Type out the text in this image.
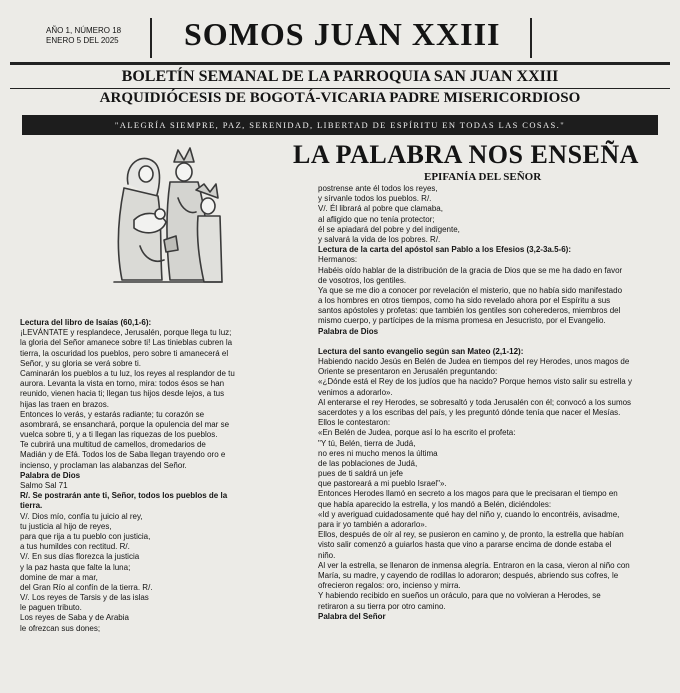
AÑO 1, NÚMERO 18
ENERO 5 DEL 2025 SOMOS JUAN XXIII
BOLETÍN SEMANAL DE LA PARROQUIA SAN JUAN XXIII
ARQUIDIÓCESIS DE BOGOTÁ-VICARIA PADRE MISERICORDIOSO
"ALEGRÍA SIEMPRE, PAZ, SERENIDAD, LIBERTAD DE ESPÍRITU EN TODAS LAS COSAS."
LA PALABRA NOS ENSEÑA
EPIFANÍA DEL SEÑOR
Lectura del libro de Isaías (60,1-6):
¡LEVÁNTATE y resplandece, Jerusalén, porque llega tu luz;
la gloria del Señor amanece sobre ti! Las tinieblas cubren la
tierra, la oscuridad los pueblos, pero sobre ti amanecerá el
Señor, y su gloria se verá sobre ti.
Caminarán los pueblos a tu luz, los reyes al resplandor de tu
aurora. Levanta la vista en torno, mira: todos ésos se han
reunido, vienen hacia ti; llegan tus hijos desde lejos, a tus
hijas las traen en brazos.
Entonces lo verás, y estarás radiante; tu corazón se
asombrará, se ensanchará, porque la opulencia del mar se
vuelca sobre ti, y a ti llegan las riquezas de los pueblos.
Te cubrirá una multitud de camellos, dromedarios de
Madián y de Efá. Todos los de Saba llegan trayendo oro e
incienso, y proclaman las alabanzas del Señor.
Palabra de Dios
Salmo Sal 71
R/. Se postrarán ante ti, Señor, todos los pueblos de la
tierra.
V/. Dios mío, confía tu juicio al rey,
tu justicia al hijo de reyes,
para que rija a tu pueblo con justicia,
a tus humildes con rectitud. R/.
V/. En sus días florezca la justicia
y la paz hasta que falte la luna;
domine de mar a mar,
del Gran Río al confín de la tierra. R/.
V/. Los reyes de Tarsis y de las islas
le paguen tributo.
Los reyes de Saba y de Arabia
le ofrezcan sus dones;
postrense ante él todos los reyes,
y sírvanle todos los pueblos. R/.
V/. Él librará al pobre que clamaba,
al afligido que no tenía protector;
él se apiadará del pobre y del indigente,
y salvará la vida de los pobres. R/.
Lectura de la carta del apóstol san Pablo a los Efesios (3,2-3a.5-6):
Hermanos:
Habéis oído hablar de la distribución de la gracia de Dios que se me ha dado en favor
de vosotros, los gentiles.
Ya que se me dio a conocer por revelación el misterio, que no había sido manifestado
a los hombres en otros tiempos, como ha sido revelado ahora por el Espíritu a sus
santos apóstoles y profetas: que también los gentiles son coherederos, miembros del
mismo cuerpo, y partícipes de la misma promesa en Jesucristo, por el Evangelio.
Palabra de Dios
Lectura del santo evangelio según san Mateo (2,1-12):
Habiendo nacido Jesús en Belén de Judea en tiempos del rey Herodes, unos magos de
Oriente se presentaron en Jerusalén preguntando:
«¿Dónde está el Rey de los judíos que ha nacido? Porque hemos visto salir su estrella y
venimos a adorarlo».
Al enterarse el rey Herodes, se sobresaltó y toda Jerusalén con él; convocó a los sumos
sacerdotes y a los escribas del país, y les preguntó dónde tenía que nacer el Mesías.
Ellos le contestaron:
«En Belén de Judea, porque así lo ha escrito el profeta:
"Y tú, Belén, tierra de Judá,
no eres ni mucho menos la última
de las poblaciones de Judá,
pues de ti saldrá un jefe
que pastoreará a mi pueblo Israel"».
Entonces Herodes llamó en secreto a los magos para que le precisaran el tiempo en
que había aparecido la estrella, y los mandó a Belén, diciéndoles:
«Id y averiguad cuidadosamente qué hay del niño y, cuando lo encontréis, avisadme,
para ir yo también a adorarlo».
Ellos, después de oír al rey, se pusieron en camino y, de pronto, la estrella que habían
visto salir comenzó a guiarlos hasta que vino a pararse encima de donde estaba el
niño.
Al ver la estrella, se llenaron de inmensa alegría. Entraron en la casa, vieron al niño con
María, su madre, y cayendo de rodillas lo adoraron; después, abriendo sus cofres, le
ofrecieron regalos: oro, incienso y mirra.
Y habiendo recibido en sueños un oráculo, para que no volvieran a Herodes, se
retiraron a su tierra por otro camino.
Palabra del Señor
